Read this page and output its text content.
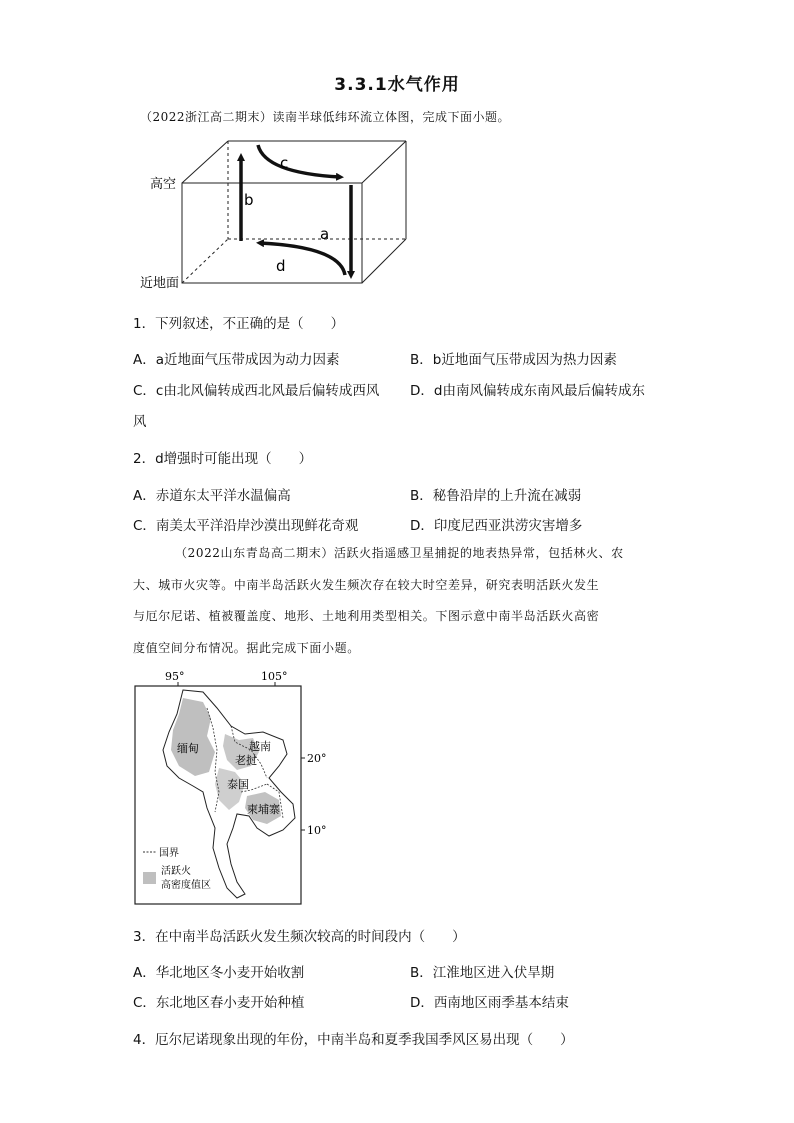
3.3.1水气作用
（2022浙江高二期末）读南半球低纬环流立体图，完成下面小题。
c
b
a
d
高空
近地面
1．下列叙述，不正确的是（　　）
A．a近地面气压带成因为动力因素	B．b近地面气压带成因为热力因素
C．c由北风偏转成西北风最后偏转成西风 D．d由南风偏转成东南风最后偏转成东
风
2．d增强时可能出现（　　）
A．赤道东太平洋水温偏高	B．秘鲁沿岸的上升流在减弱
C．南美太平洋沿岸沙漠出现鲜花奇观	D．印度尼西亚洪涝灾害增多
（2022山东青岛高二期末）活跃火指遥感卫星捕捉的地表热异常，包括林火、农
大、城市火灾等。中南半岛活跃火发生频次存在较大时空差异，研究表明活跃火发生
与厄尔尼诺、植被覆盖度、地形、土地利用类型相关。下图示意中南半岛活跃火高密
度值空间分布情况。据此完成下面小题。
95°	105°
20°
10°
缅甸	越南
老挝
泰国
柬埔寨
国界
活跃火
高密度值区
3．在中南半岛活跃火发生频次较高的时间段内（　　）
A．华北地区冬小麦开始收割	B．江淮地区进入伏旱期
C．东北地区春小麦开始种植	D．西南地区雨季基本结束
4．厄尔尼诺现象出现的年份，中南半岛和夏季我国季风区易出现（　　）
